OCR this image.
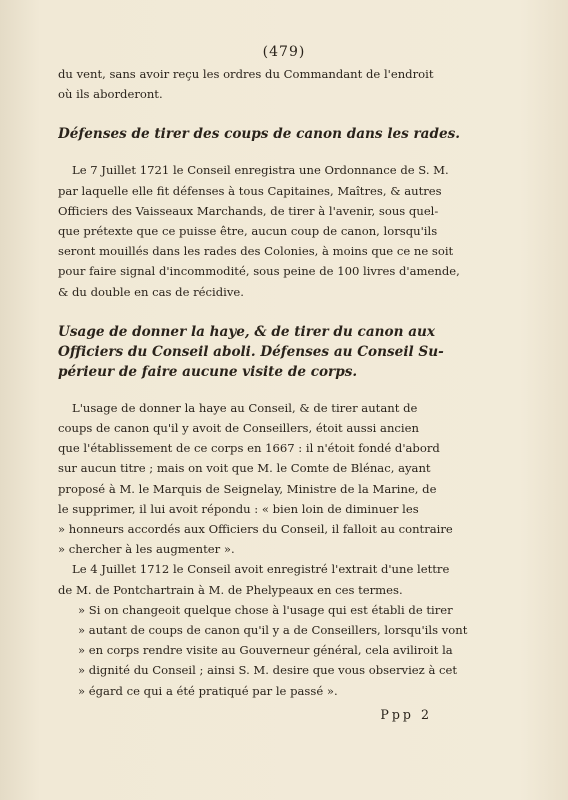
(479)

du vent, sans avoir reçu les ordres du Commandant de l'endroit
où ils aborderont.

Défenses de tirer des coups de canon dans les rades.

Le 7 Juillet 1721 le Conseil enregistra une Ordonnance de S. M.
par laquelle elle fit défenses à tous Capitaines, Maîtres, & autres
Officiers des Vaisseaux Marchands, de tirer à l'avenir, sous quel-
que prétexte que ce puisse être, aucun coup de canon, lorsqu'ils
seront mouillés dans les rades des Colonies, à moins que ce ne soit
pour faire signal d'incommodité, sous peine de 100 livres d'amende,
& du double en cas de récidive.

Usage de donner la haye, & de tirer du canon aux
Officiers du Conseil aboli. Défenses au Conseil Su-
périeur de faire aucune visite de corps.

L'usage de donner la haye au Conseil, & de tirer autant de
coups de canon qu'il y avoit de Conseillers, étoit aussi ancien
que l'établissement de ce corps en 1667 : il n'étoit fondé d'abord
sur aucun titre ; mais on voit que M. le Comte de Blénac, ayant
proposé à M. le Marquis de Seignelay, Ministre de la Marine, de
le supprimer, il lui avoit répondu : « bien loin de diminuer les
» honneurs accordés aux Officiers du Conseil, il falloit au contraire
» chercher à les augmenter ».

Le 4 Juillet 1712 le Conseil avoit enregistré l'extrait d'une lettre
de M. de Pontchartrain à M. de Phelypeaux en ces termes.

» Si on changeoit quelque chose à l'usage qui est établi de tirer
» autant de coups de canon qu'il y a de Conseillers, lorsqu'ils vont
» en corps rendre visite au Gouverneur général, cela aviliroit la
» dignité du Conseil ; ainsi S. M. desire que vous observiez à cet
» égard ce qui a été pratiqué par le passé ».

Ppp 2
